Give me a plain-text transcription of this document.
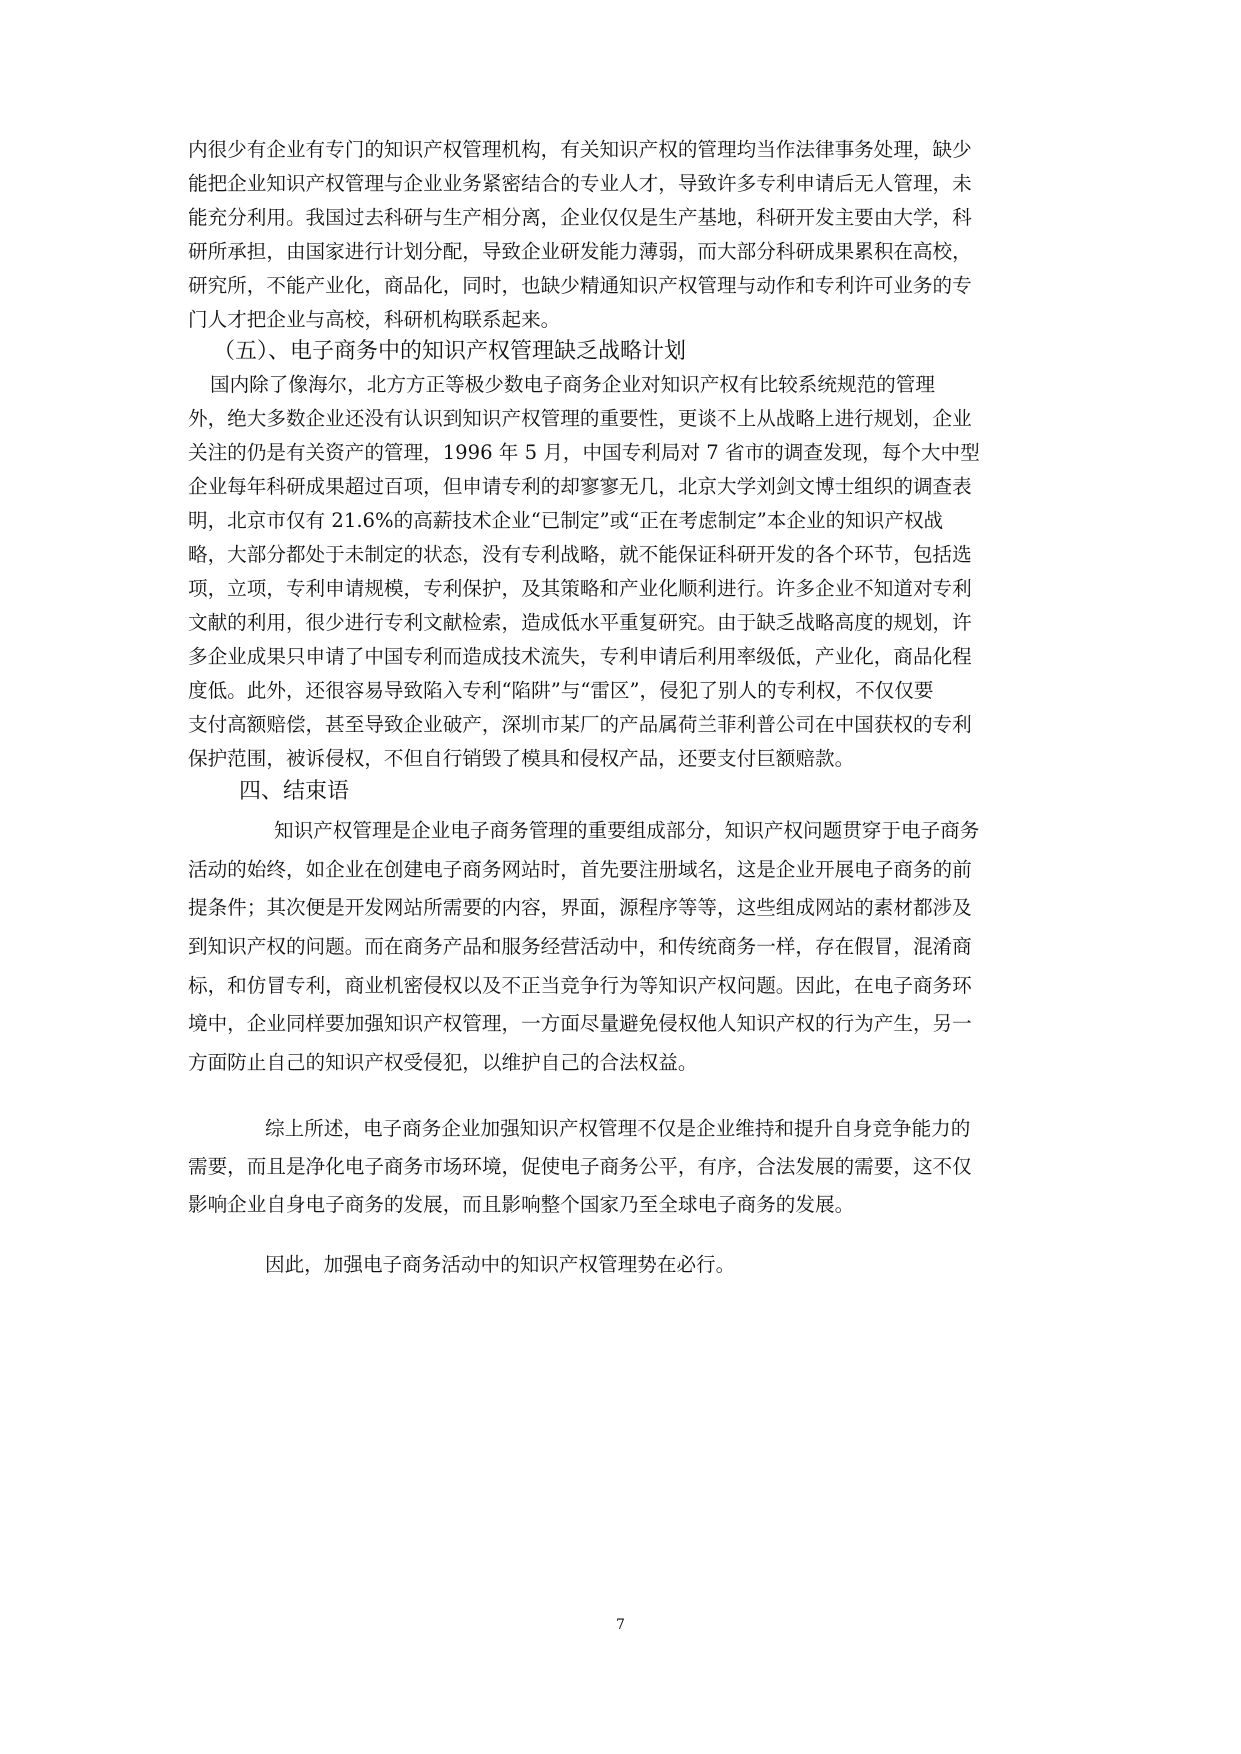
内很少有企业有专门的知识产权管理机构，有关知识产权的管理均当作法律事务处理，缺少

能把企业知识产权管理与企业业务紧密结合的专业人才，导致许多专利申请后无人管理，未

能充分利用。我国过去科研与生产相分离，企业仅仅是生产基地，科研开发主要由大学，科

研所承担，由国家进行计划分配，导致企业研发能力薄弱，而大部分科研成果累积在高校，

研究所，不能产业化，商品化，同时，也缺少精通知识产权管理与动作和专利许可业务的专

门人才把企业与高校，科研机构联系起来。

（五）、电子商务中的知识产权管理缺乏战略计划

国内除了像海尔，北方方正等极少数电子商务企业对知识产权有比较系统规范的管理

外，绝大多数企业还没有认识到知识产权管理的重要性，更谈不上从战略上进行规划，企业

关注的仍是有关资产的管理，1996 年 5 月，中国专利局对 7 省市的调查发现，每个大中型

企业每年科研成果超过百项，但申请专利的却寥寥无几，北京大学刘剑文博士组织的调查表

明，北京市仅有 21.6%的高薪技术企业“已制定”或“正在考虑制定”本企业的知识产权战

略，大部分都处于未制定的状态，没有专利战略，就不能保证科研开发的各个环节，包括选

项，立项，专利申请规模，专利保护，及其策略和产业化顺利进行。许多企业不知道对专利

文献的利用，很少进行专利文献检索，造成低水平重复研究。由于缺乏战略高度的规划，许

多企业成果只申请了中国专利而造成技术流失，专利申请后利用率级低，产业化，商品化程

度低。此外，还很容易导致陷入专利“陷阱”与“雷区”，侵犯了别人的专利权，不仅仅要

支付高额赔偿，甚至导致企业破产，深圳市某厂的产品属荷兰菲利普公司在中国获权的专利

保护范围，被诉侵权，不但自行销毁了模具和侵权产品，还要支付巨额赔款。

四、结束语

知识产权管理是企业电子商务管理的重要组成部分，知识产权问题贯穿于电子商务

活动的始终，如企业在创建电子商务网站时，首先要注册域名，这是企业开展电子商务的前

提条件；其次便是开发网站所需要的内容，界面，源程序等等，这些组成网站的素材都涉及

到知识产权的问题。而在商务产品和服务经营活动中，和传统商务一样，存在假冒，混淆商

标，和仿冒专利，商业机密侵权以及不正当竞争行为等知识产权问题。因此，在电子商务环

境中，企业同样要加强知识产权管理，一方面尽量避免侵权他人知识产权的行为产生，另一

方面防止自己的知识产权受侵犯，以维护自己的合法权益。

综上所述，电子商务企业加强知识产权管理不仅是企业维持和提升自身竞争能力的

需要，而且是净化电子商务市场环境，促使电子商务公平，有序，合法发展的需要，这不仅

影响企业自身电子商务的发展，而且影响整个国家乃至全球电子商务的发展。

因此，加强电子商务活动中的知识产权管理势在必行。

7
